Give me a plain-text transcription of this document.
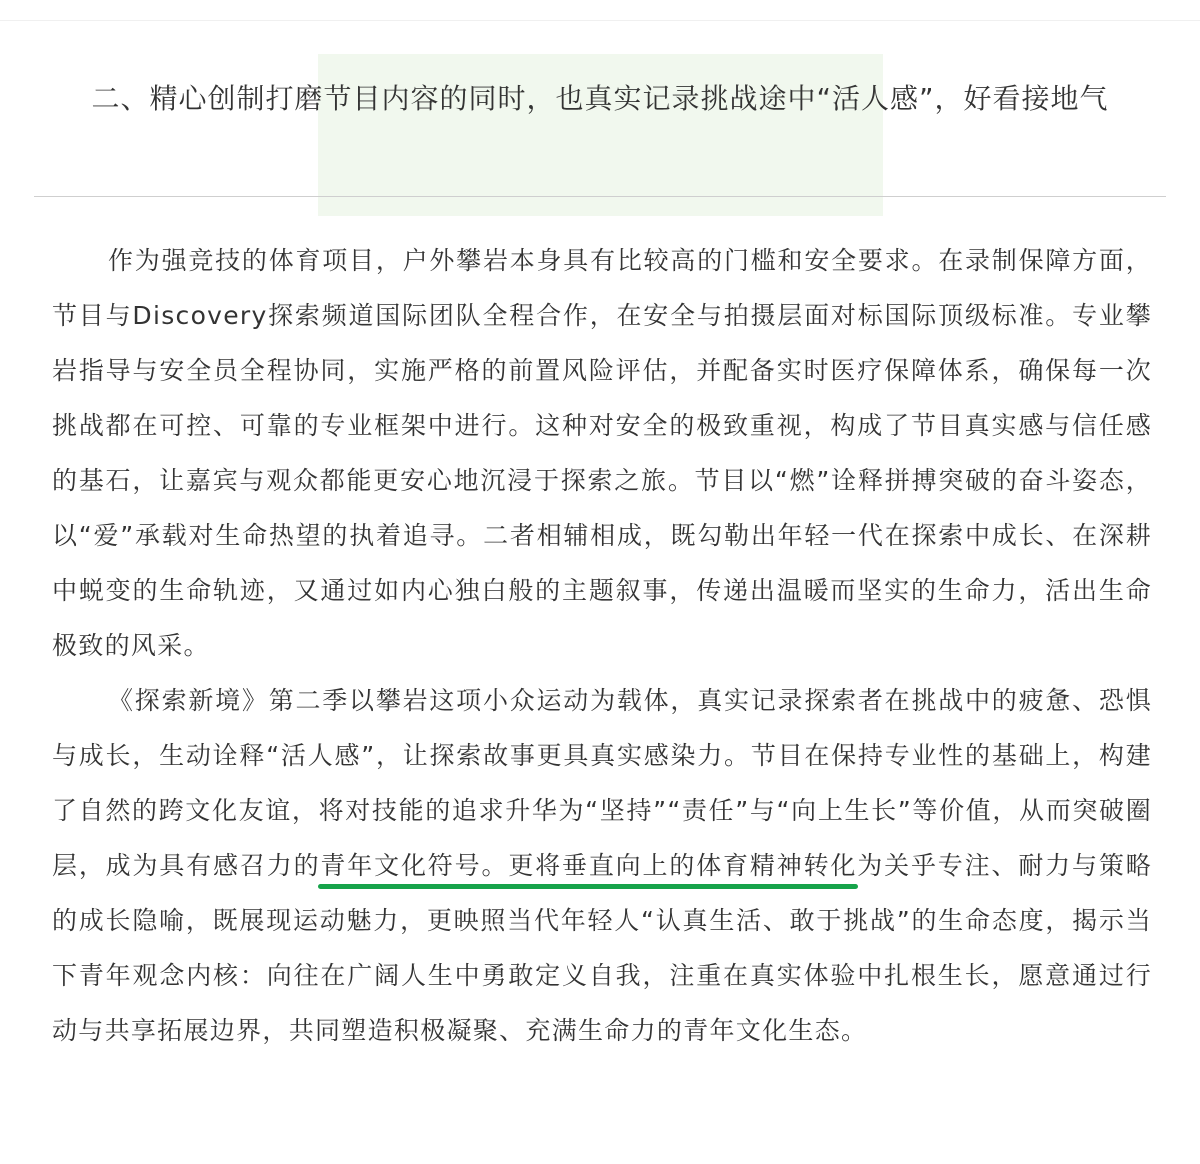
二、精心创制打磨节目内容的同时，也真实记录挑战途中“活人感”，好看接地气

作为强竞技的体育项目，户外攀岩本身具有比较高的门槛和安全要求。在录制保障方面，节目与Discovery探索频道国际团队全程合作，在安全与拍摄层面对标国际顶级标准。专业攀岩指导与安全员全程协同，实施严格的前置风险评估，并配备实时医疗保障体系，确保每一次挑战都在可控、可靠的专业框架中进行。这种对安全的极致重视，构成了节目真实感与信任感的基石，让嘉宾与观众都能更安心地沉浸于探索之旅。节目以“燃”诠释拼搏突破的奋斗姿态，以“爱”承载对生命热望的执着追寻。二者相辅相成，既勾勒出年轻一代在探索中成长、在深耕中蜕变的生命轨迹，又通过如内心独白般的主题叙事，传递出温暖而坚实的生命力，活出生命极致的风采。

《探索新境》第二季以攀岩这项小众运动为载体，真实记录探索者在挑战中的疲惫、恐惧与成长，生动诠释“活人感”，让探索故事更具真实感染力。节目在保持专业性的基础上，构建了自然的跨文化友谊，将对技能的追求升华为“坚持”“责任”与“向上生长”等价值，从而突破圈层，成为具有感召力的青年文化符号。更将垂直向上的体育精神转化为关乎专注、耐力与策略的成长隐喻，既展现运动魅力，更映照当代年轻人“认真生活、敢于挑战”的生命态度，揭示当下青年观念内核：向往在广阔人生中勇敢定义自我，注重在真实体验中扎根生长，愿意通过行动与共享拓展边界，共同塑造积极凝聚、充满生命力的青年文化生态。
